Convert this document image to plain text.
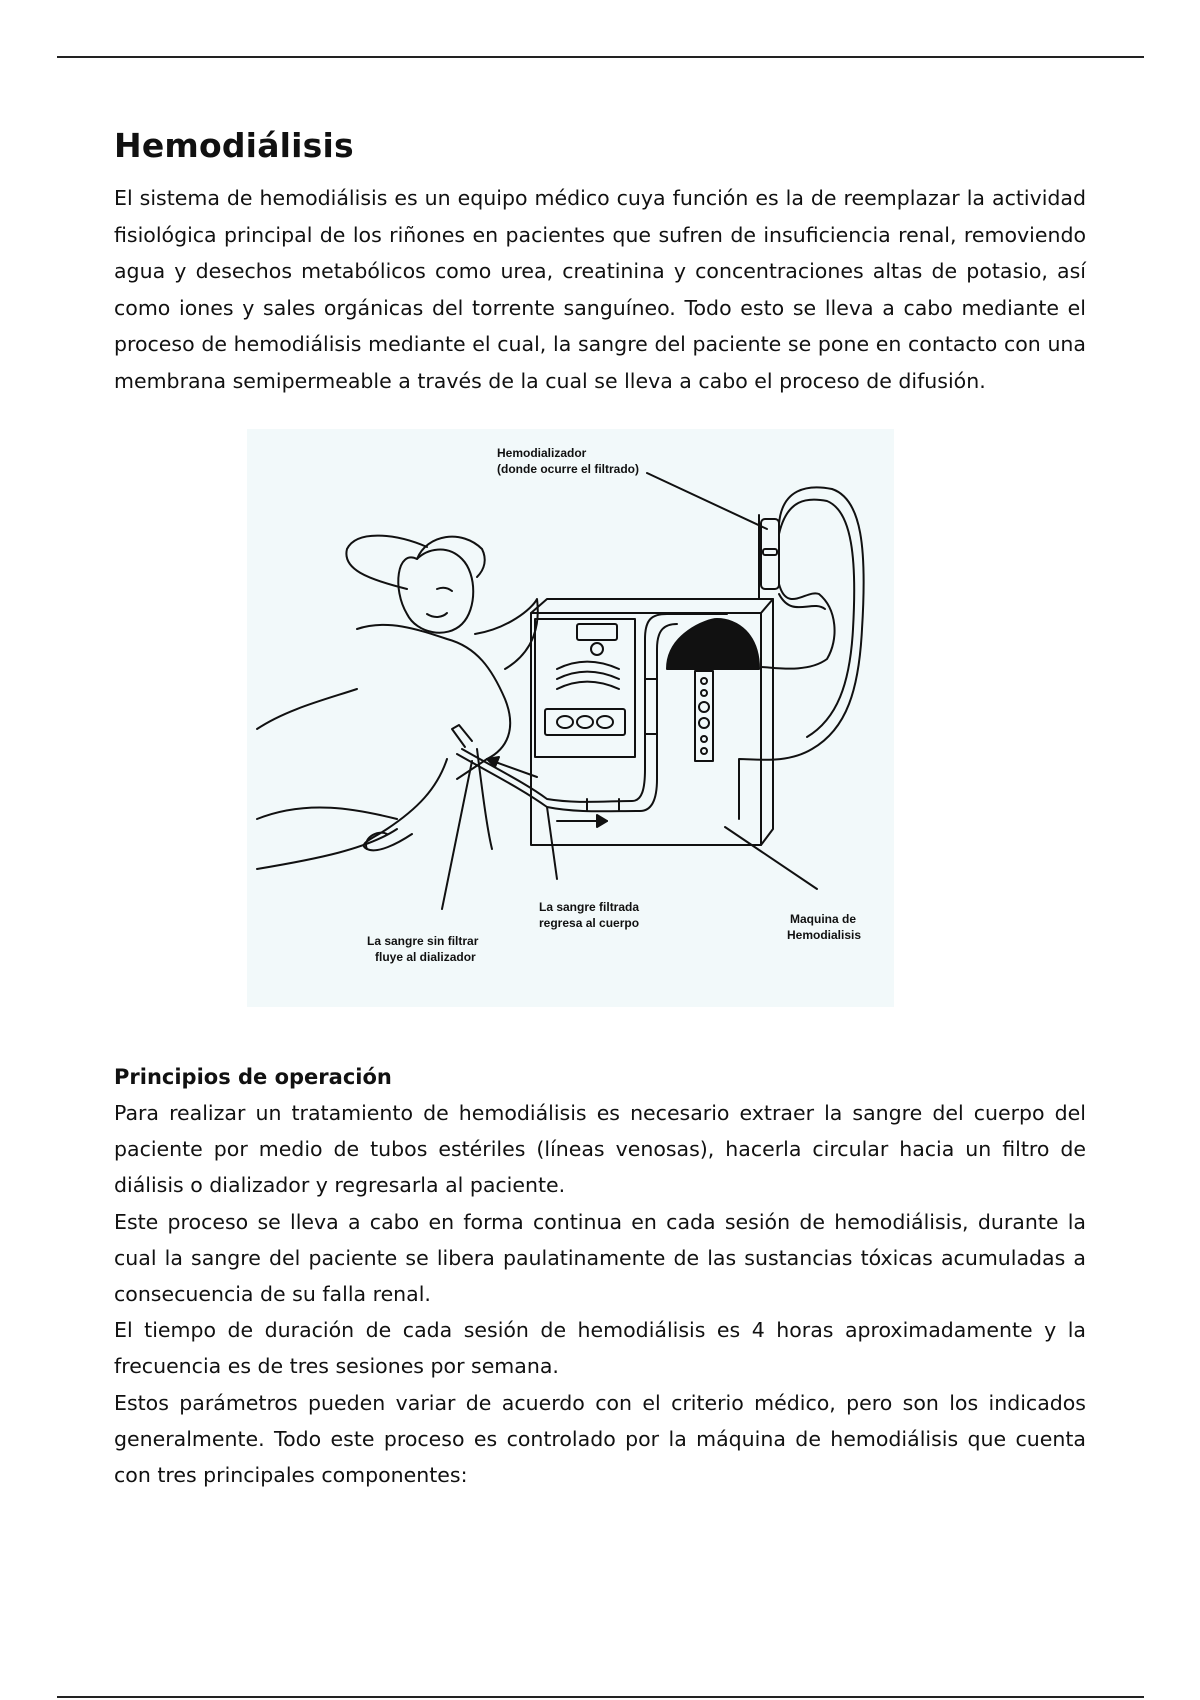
Hemodiálisis

El sistema de hemodiálisis es un equipo médico cuya función es la de reemplazar la actividad fisiológica principal de los riñones en pacientes que sufren de insuficiencia renal, removiendo agua y desechos metabólicos como urea, creatinina y concentraciones altas de potasio, así como iones y sales orgánicas del torrente sanguíneo. Todo esto se lleva a cabo mediante el proceso de hemodiálisis mediante el cual, la sangre del paciente se pone en contacto con una membrana semipermeable a través de la cual se lleva a cabo el proceso de difusión.

Hemodializador
(donde ocurre el filtrado)
La sangre filtrada
regresa al cuerpo
La sangre sin filtrar
fluye al dializador
Maquina de
Hemodialisis
Principios de operación

Para realizar un tratamiento de hemodiálisis es necesario extraer la sangre del cuerpo del paciente por medio de tubos estériles (líneas venosas), hacerla circular hacia un filtro de diálisis o dializador y regresarla al paciente.

Este proceso se lleva a cabo en forma continua en cada sesión de hemodiálisis, durante la cual la sangre del paciente se libera paulatinamente de las sustancias tóxicas acumuladas a consecuencia de su falla renal.

El tiempo de duración de cada sesión de hemodiálisis es 4 horas aproximadamente y la frecuencia es de tres sesiones por semana.

Estos parámetros pueden variar de acuerdo con el criterio médico, pero son los indicados generalmente. Todo este proceso es controlado por la máquina de hemodiálisis que cuenta con tres principales componentes:
